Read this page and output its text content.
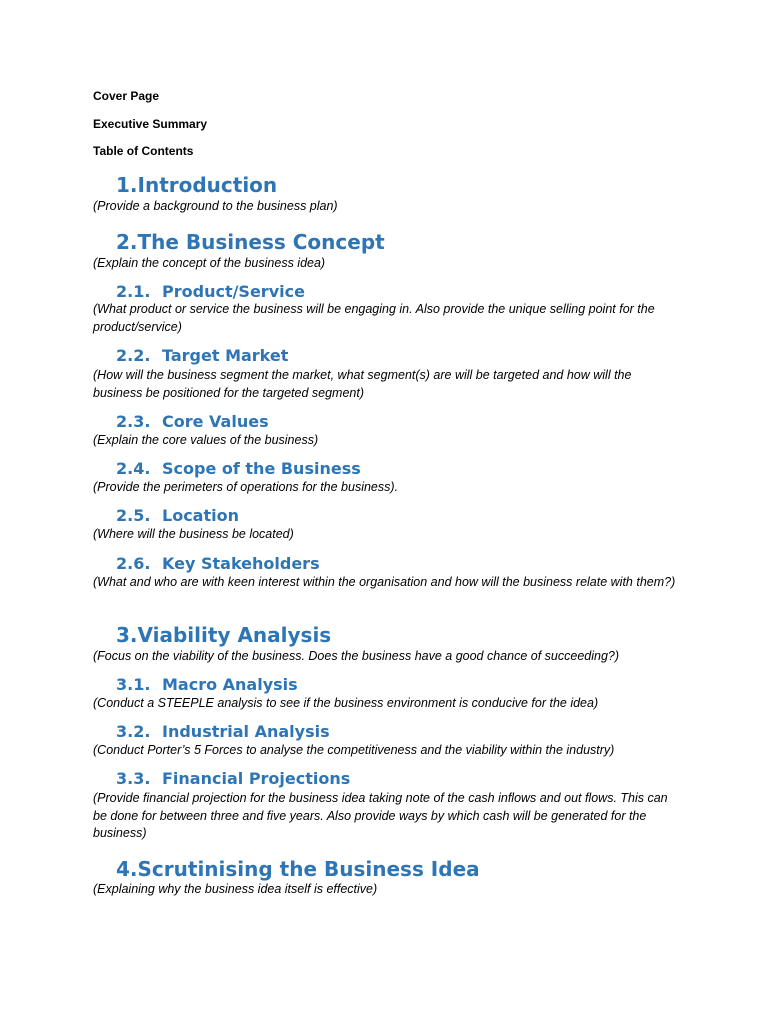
Cover Page
Executive Summary
Table of Contents
1.Introduction
(Provide a background to the business plan)
2.The Business Concept
(Explain the concept of the business idea)
2.1. Product/Service
(What product or service the business will be engaging in. Also provide the unique selling point for the product/service)
2.2. Target Market
(How will the business segment the market, what segment(s) are will be targeted and how will the business be positioned for the targeted segment)
2.3. Core Values
(Explain the core values of the business)
2.4. Scope of the Business
(Provide the perimeters of operations for the business).
2.5. Location
(Where will the business be located)
2.6. Key Stakeholders
(What and who are with keen interest within the organisation and how will the business relate with them?)
3.Viability Analysis
(Focus on the viability of the business. Does the business have a good chance of succeeding?)
3.1. Macro Analysis
(Conduct a STEEPLE analysis to see if the business environment is conducive for the idea)
3.2. Industrial Analysis
(Conduct Porter’s 5 Forces to analyse the competitiveness and the viability within the industry)
3.3. Financial Projections
(Provide financial projection for the business idea taking note of the cash inflows and out flows. This can be done for between three and five years. Also provide ways by which cash will be generated for the business)
4.Scrutinising the Business Idea
(Explaining why the business idea itself is effective)
